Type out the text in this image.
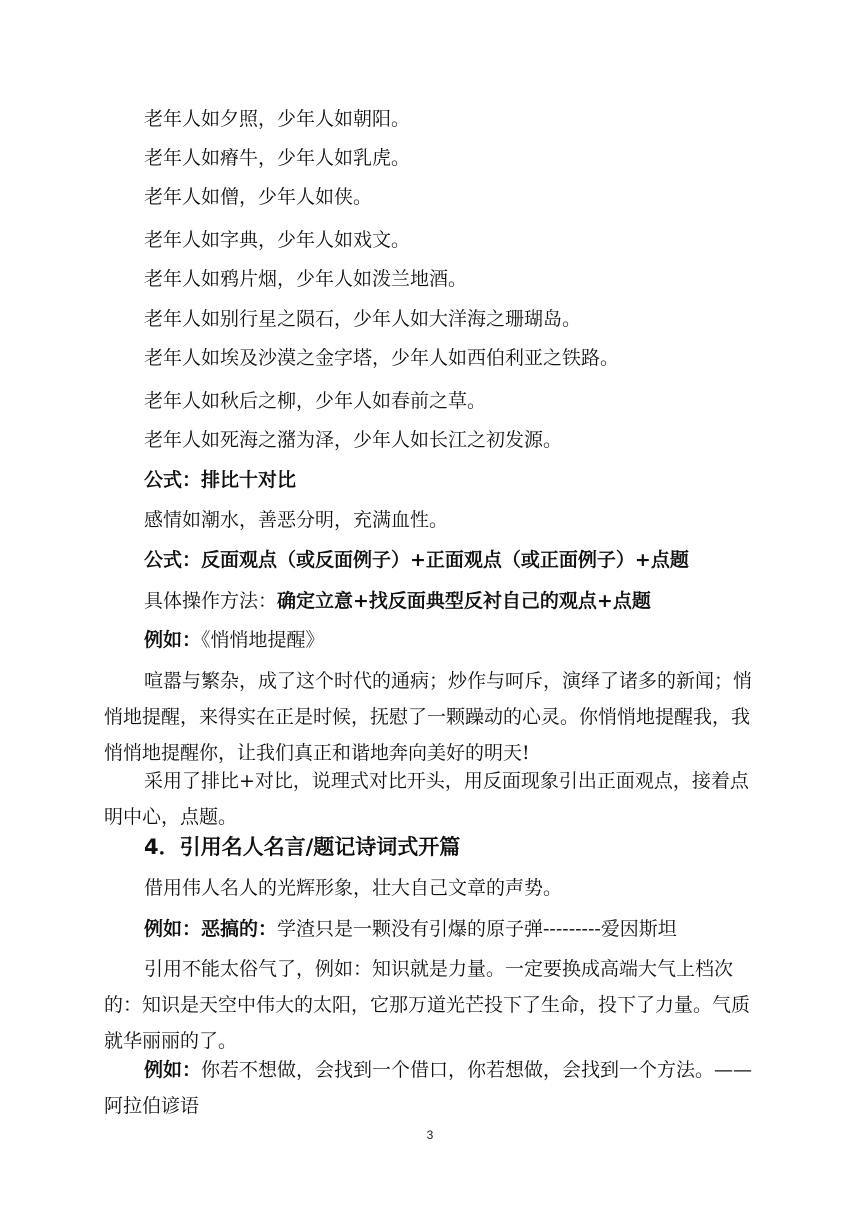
老年人如夕照，少年人如朝阳。
老年人如瘠牛，少年人如乳虎。
老年人如僧，少年人如侠。
老年人如字典，少年人如戏文。
老年人如鸦片烟，少年人如泼兰地酒。
老年人如别行星之陨石，少年人如大洋海之珊瑚岛。
老年人如埃及沙漠之金字塔，少年人如西伯利亚之铁路。
老年人如秋后之柳，少年人如春前之草。
老年人如死海之潴为泽，少年人如长江之初发源。
公式：排比十对比
感情如潮水，善恶分明，充满血性。
公式：反面观点（或反面例子）+正面观点（或正面例子）+点题
具体操作方法：确定立意+找反面典型反衬自己的观点+点题
例如：《悄悄地提醒》
喧嚣与繁杂，成了这个时代的通病；炒作与呵斥，演绎了诸多的新闻；悄悄地提醒，来得实在正是时候，抚慰了一颗躁动的心灵。你悄悄地提醒我，我悄悄地提醒你，让我们真正和谐地奔向美好的明天!
采用了排比+对比，说理式对比开头，用反面现象引出正面观点，接着点明中心，点题。
4．引用名人名言/题记诗词式开篇
借用伟人名人的光辉形象，壮大自己文章的声势。
例如：恶搞的：学渣只是一颗没有引爆的原子弹---------爱因斯坦
引用不能太俗气了，例如：知识就是力量。一定要换成高端大气上档次的：知识是天空中伟大的太阳，它那万道光芒投下了生命，投下了力量。气质就华丽丽的了。
例如：你若不想做，会找到一个借口，你若想做，会找到一个方法。——阿拉伯谚语
3
